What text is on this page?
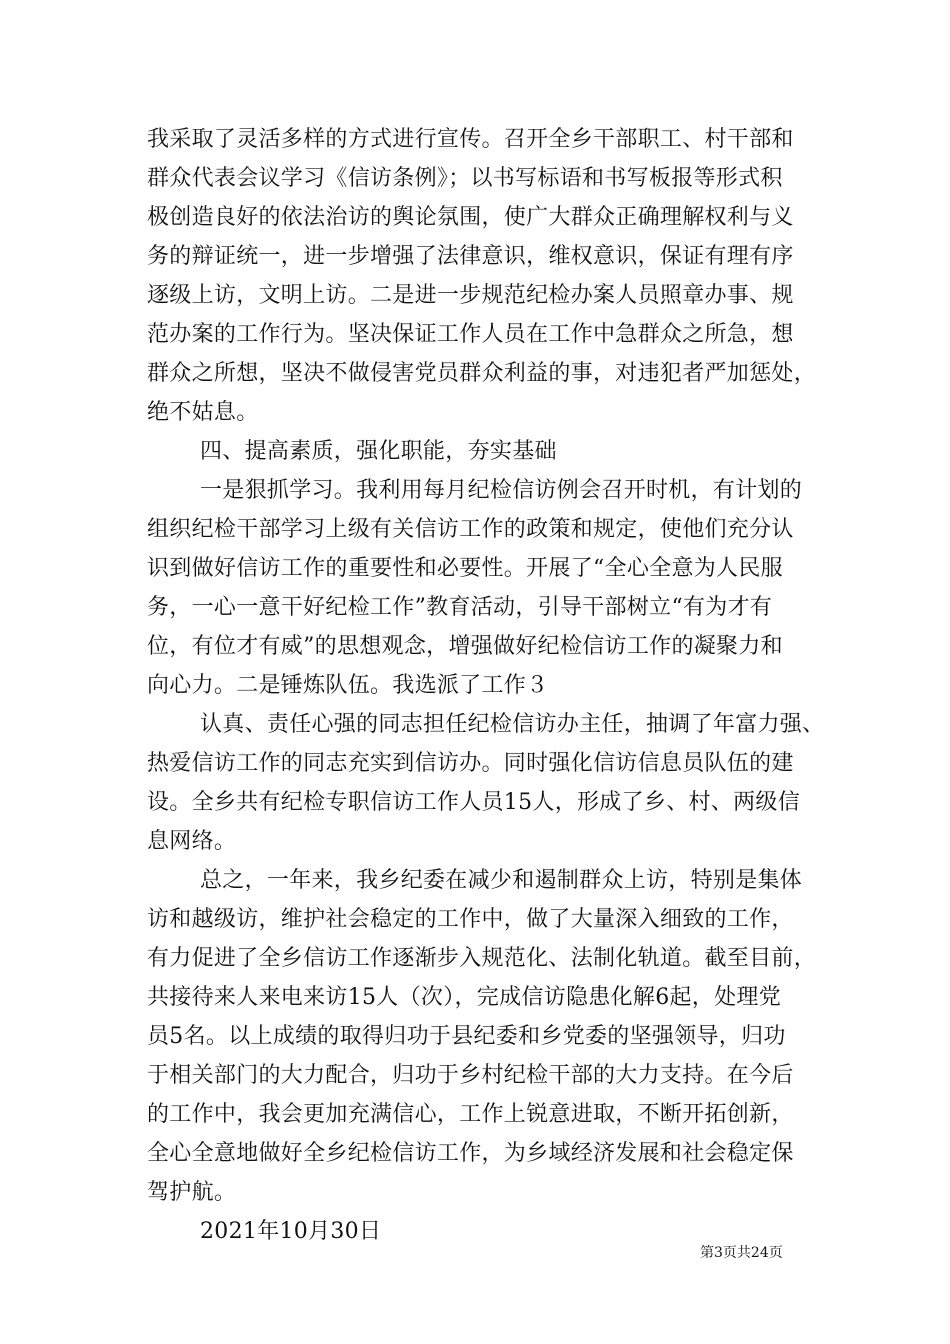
我采取了灵活多样的方式进行宣传。召开全乡干部职工、村干部和
群众代表会议学习《信访条例》；以书写标语和书写板报等形式积
极创造良好的依法治访的舆论氛围，使广大群众正确理解权利与义
务的辩证统一，进一步增强了法律意识，维权意识，保证有理有序
逐级上访，文明上访。二是进一步规范纪检办案人员照章办事、规
范办案的工作行为。坚决保证工作人员在工作中急群众之所急，想
群众之所想，坚决不做侵害党员群众利益的事，对违犯者严加惩处，
绝不姑息。
四、提高素质，强化职能，夯实基础
一是狠抓学习。我利用每月纪检信访例会召开时机，有计划的
组织纪检干部学习上级有关信访工作的政策和规定，使他们充分认
识到做好信访工作的重要性和必要性。开展了“全心全意为人民服
务，一心一意干好纪检工作”教育活动，引导干部树立“有为才有
位，有位才有威”的思想观念，增强做好纪检信访工作的凝聚力和
向心力。二是锤炼队伍。我选派了工作３
认真、责任心强的同志担任纪检信访办主任，抽调了年富力强、
热爱信访工作的同志充实到信访办。同时强化信访信息员队伍的建
设。全乡共有纪检专职信访工作人员15人，形成了乡、村、两级信
息网络。
总之，一年来，我乡纪委在减少和遏制群众上访，特别是集体
访和越级访，维护社会稳定的工作中，做了大量深入细致的工作，
有力促进了全乡信访工作逐渐步入规范化、法制化轨道。截至目前，
共接待来人来电来访15人（次），完成信访隐患化解6起，处理党
员5名。以上成绩的取得归功于县纪委和乡党委的坚强领导，归功
于相关部门的大力配合，归功于乡村纪检干部的大力支持。在今后
的工作中，我会更加充满信心，工作上锐意进取，不断开拓创新，
全心全意地做好全乡纪检信访工作，为乡域经济发展和社会稳定保
驾护航。
2021年10月30日
第3页共24页
